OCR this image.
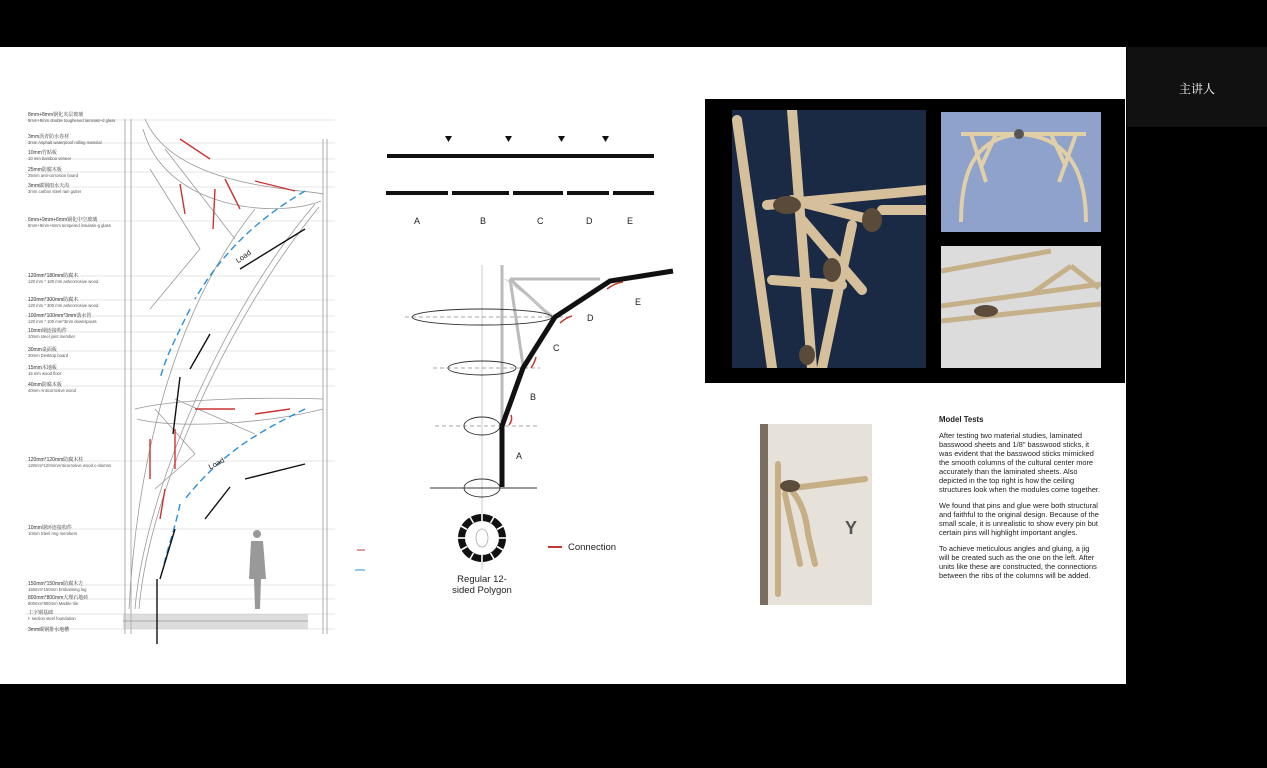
8mm+8mm钢化夹层玻璃
8mm+8mm double toughened laminate-d glass
3mm沥青防水卷材
3mm Asphalt waterproof rolling material
10mm竹贴板
10 mm bamboo veneer
25mm防腐木板
25mm anti-corrosion board
3mm碳钢雨水天沟
3mm carbon steel rain gutter
6mm+9mm+6mm钢化中空玻璃
6mm+9mm+6mm tempered insulatin-g glass
120mm*180mm防腐木
120 mm * 180 mm anticorrosive wood
120mm*300mm防腐木
120 mm * 300 mm anticorrosive wood
100mm*100mm*3mm落水管
120 mm * 100 mm*3mm downspouts
10mm钢连接构件
10mm steel joint member
30mm桌面板
30mm Desktop board
15mm木地板
15 mm wood floor
40mm防腐木板
40mm Anticorrosive wood
120mm*120mm防腐木柱
120mm*120mmAnticorrosive wood c-olumns
10mm钢环连接构件
10mm Steel ring members
150mm*150mm防腐木方
150mm*150mm Embalming log
800mm*800mm大理石地砖
800mm*800mm Marble tile
工字钢基础
I- section steel foundation
3mm碳钢排水地槽
Load
Load
A	B	C	D	E
A
B
C
D
E
Connection
Regular 12-sided Polygon
Y
Model Tests

After testing two material studies, laminated basswood sheets and 1/8" basswood sticks, it was evident that the basswood sticks mimicked the smooth columns of the cultural center more accurately than the laminated sheets. Also depicted in the top right is how the ceiling structures look when the modules come together.

We found that pins and glue were both structural and faithful to the original design. Because of the small scale, it is unrealistic to show every pin but certain pins will highlight important angles.

To achieve meticulous angles and gluing, a jig will be created such as the one on the left. After units like these are constructed, the connections between the ribs of the columns will be added.

主讲人
